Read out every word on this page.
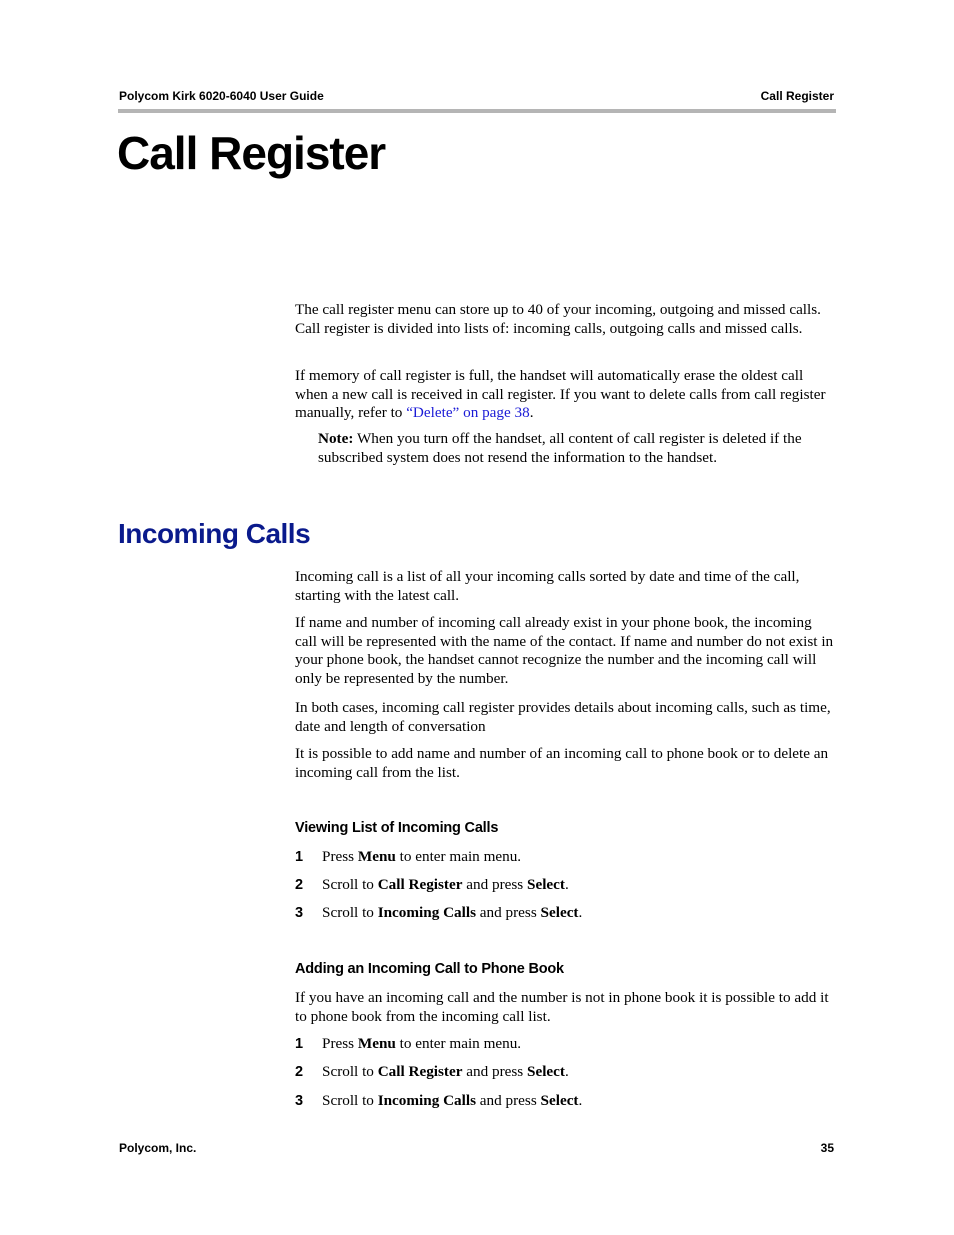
Polycom Kirk 6020-6040 User Guide	Call Register
Call Register

The call register menu can store up to 40 of your incoming, outgoing and missed calls. Call register is divided into lists of: incoming calls, outgoing calls and missed calls.

If memory of call register is full, the handset will automatically erase the oldest call when a new call is received in call register. If you want to delete calls from call register manually, refer to “Delete” on page 38.

Note: When you turn off the handset, all content of call register is deleted if the subscribed system does not resend the information to the handset.

Incoming Calls

Incoming call is a list of all your incoming calls sorted by date and time of the call, starting with the latest call.

If name and number of incoming call already exist in your phone book, the incoming call will be represented with the name of the contact. If name and number do not exist in your phone book, the handset cannot recognize the number and the incoming call will only be represented by the number.

In both cases, incoming call register provides details about incoming calls, such as time, date and length of conversation

It is possible to add name and number of an incoming call to phone book or to delete an incoming call from the list.

Viewing List of Incoming Calls
1 Press Menu to enter main menu.
2 Scroll to Call Register and press Select.
3 Scroll to Incoming Calls and press Select.
Adding an Incoming Call to Phone Book

If you have an incoming call and the number is not in phone book it is possible to add it to phone book from the incoming call list.

1 Press Menu to enter main menu.
2 Scroll to Call Register and press Select.
3 Scroll to Incoming Calls and press Select.
Polycom, Inc.	35
